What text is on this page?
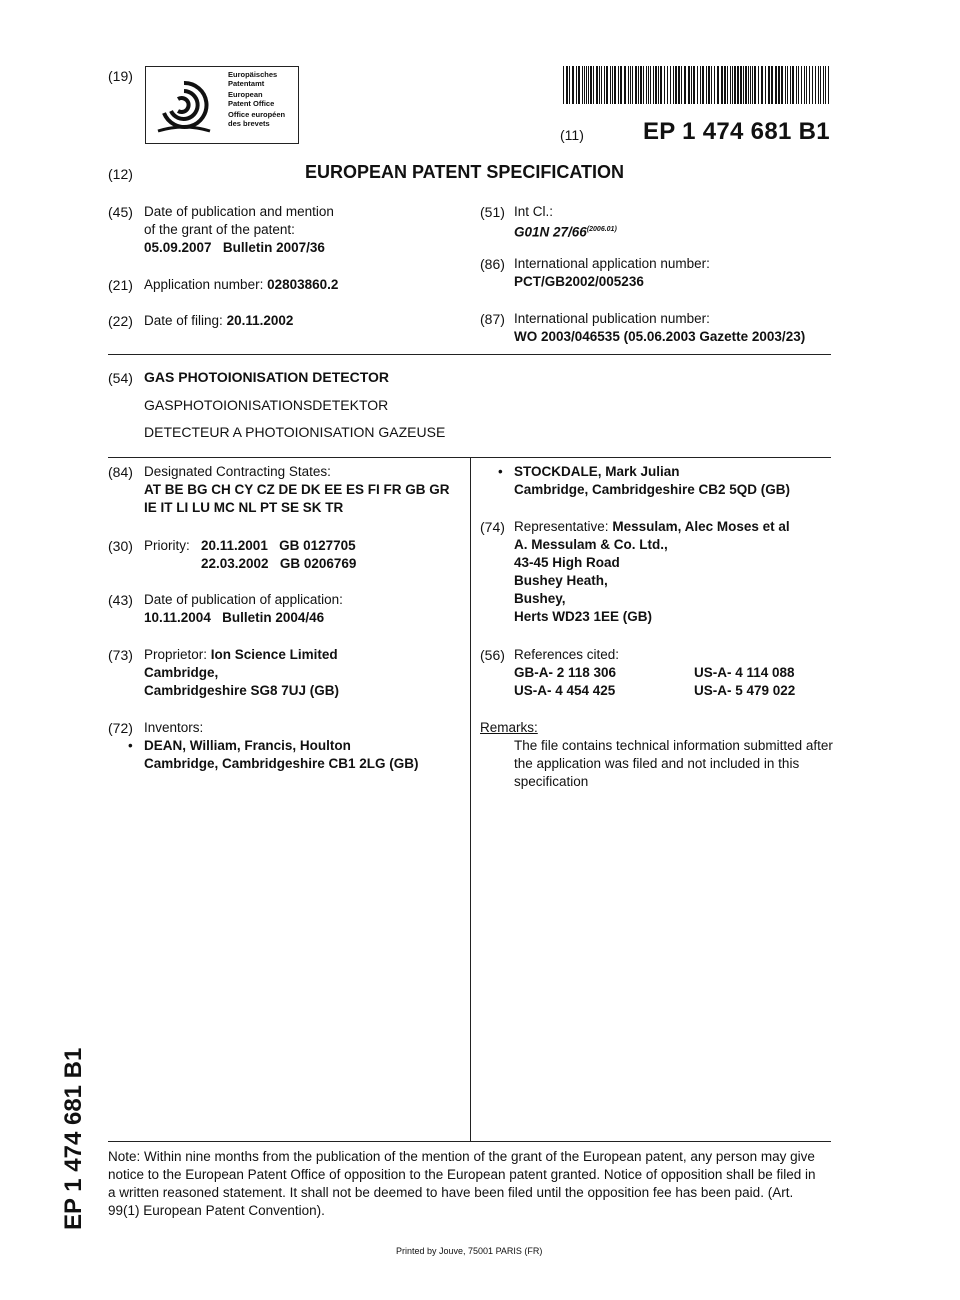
(19)	Europäisches
Patentamt
European
Patent Office
Office européen
des brevets
(11) EP 1 474 681 B1
(12)	EUROPEAN PATENT SPECIFICATION
(45) Date of publication and mention
of the grant of the patent:
05.09.2007   Bulletin 2007/36
(21) Application number: 02803860.2
(22) Date of filing: 20.11.2002
(51) Int Cl.:
G01N $27/66^{(2006.01)}$
(86) International application number:
PCT/GB2002/005236
(87) International publication number:
WO 2003/046535 (05.06.2003 Gazette 2003/23)
(54) GAS PHOTOIONISATION DETECTOR
GASPHOTOIONISATIONSDETEKTOR
DETECTEUR A PHOTOIONISATION GAZEUSE
(84) Designated Contracting States:
AT BE BG CH CY CZ DE DK EE ES FI FR GB GR
IE IT LI LU MC NL PT SE SK TR
(30) Priority: 20.11.2001   GB 0127705
22.03.2002   GB 0206769
(43) Date of publication of application:
10.11.2004   Bulletin 2004/46
(73) Proprietor: Ion Science Limited
Cambridge,
Cambridgeshire SG8 7UJ (GB)
(72) Inventors:
• DEAN, William, Francis, Houlton
Cambridge, Cambridgeshire CB1 2LG (GB)
• STOCKDALE, Mark Julian
Cambridge, Cambridgeshire CB2 5QD (GB)
(74) Representative: Messulam, Alec Moses et al
A. Messulam & Co. Ltd.,
43-45 High Road
Bushey Heath,
Bushey,
Herts WD23 1EE (GB)
(56) References cited:
GB-A- 2 118 306	US-A- 4 114 088
US-A- 4 454 425	US-A- 5 479 022
Remarks:
The file contains technical information submitted after
the application was filed and not included in this
specification
EP 1 474 681 B1 Note: Within nine months from the publication of the mention of the grant of the European patent, any person may give
notice to the European Patent Office of opposition to the European patent granted. Notice of opposition shall be filed in
a written reasoned statement. It shall not be deemed to have been filed until the opposition fee has been paid. (Art.
99(1) European Patent Convention).
Printed by Jouve, 75001 PARIS (FR)
